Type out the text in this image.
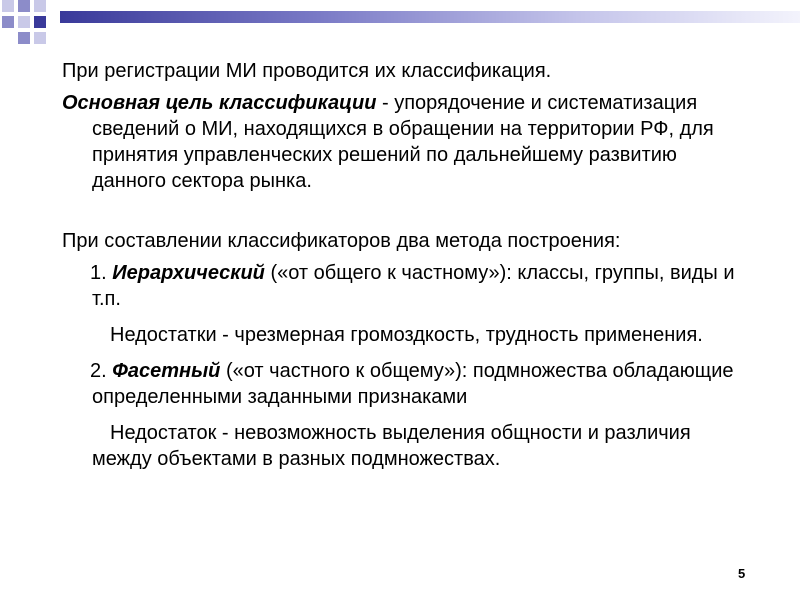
При регистрации МИ проводится их классификация.

Основная цель классификации - упорядочение и систематизация сведений о МИ, находящихся в обращении на территории РФ, для принятия управленческих решений по дальнейшему развитию данного сектора рынка.

При составлении классификаторов два метода построения:

1. Иерархический («от общего к частному»): классы, группы, виды и т.п.

Недостатки - чрезмерная громоздкость, трудность применения.

2. Фасетный («от частного к общему»): подмножества обладающие определенными заданными признаками

Недостаток - невозможность выделения общности и различия между объектами в разных подмножествах.

5
